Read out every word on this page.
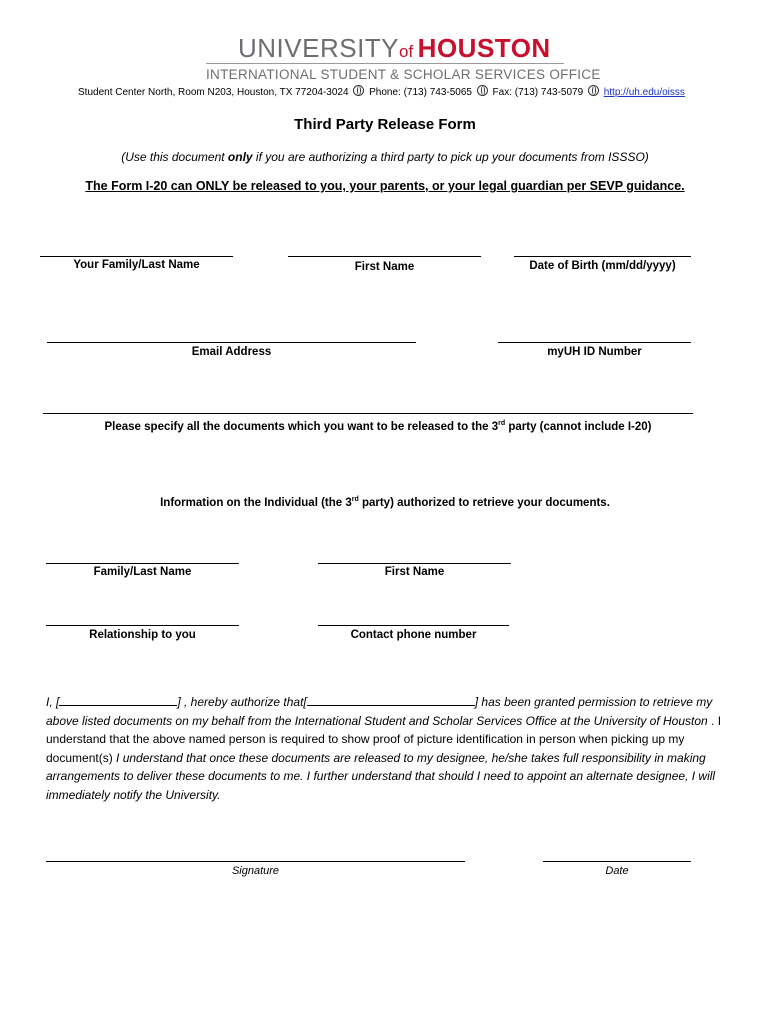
UNIVERSITYof HOUSTON
INTERNATIONAL STUDENT & SCHOLAR SERVICES OFFICE
Student Center North, Room N203, Houston, TX 77204-3024 Phone: (713) 743-5065 Fax: (713) 743-5079 http://uh.edu/oisss
Third Party Release Form
(Use this document only if you are authorizing a third party to pick up your documents from ISSSO)
The Form I-20 can ONLY be released to you, your parents, or your legal guardian per SEVP guidance.
Your Family/Last Name	First Name	Date of Birth (mm/dd/yyyy)
Email Address	myUH ID Number
Please specify all the documents which you want to be released to the 3rd party (cannot include I-20)
Information on the Individual (the 3rd party) authorized to retrieve your documents.
Family/Last Name	First Name
Relationship to you	Contact phone number
I, [	] , hereby authorize that[	] has been granted permission to retrieve my above listed documents on my behalf from the International Student and Scholar Services Office at the University of Houston . I understand that the above named person is required to show proof of picture identification in person when picking up my document(s) I understand that once these documents are released to my designee, he/she takes full responsibility in making arrangements to deliver these documents to me. I further understand that should I need to appoint an alternate designee, I will immediately notify the University.
Signature	Date
